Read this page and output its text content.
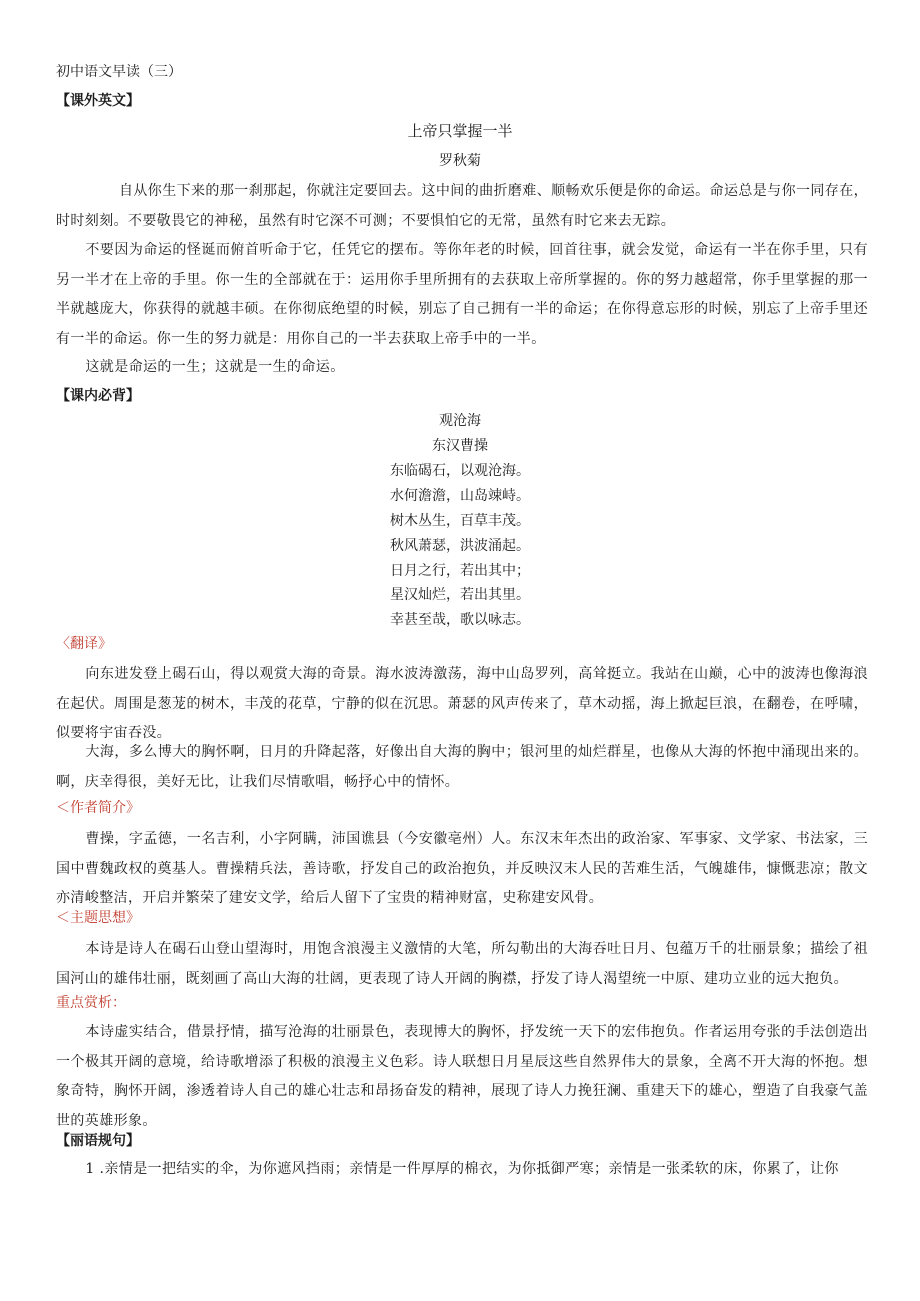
初中语文早读（三）
【课外英文】
上帝只掌握一半
罗秋菊
自从你生下来的那一刹那起，你就注定要回去。这中间的曲折磨难、顺畅欢乐便是你的命运。命运总是与你一同存在，时时刻刻。不要敬畏它的神秘，虽然有时它深不可测；不要惧怕它的无常，虽然有时它来去无踪。
不要因为命运的怪诞而俯首听命于它，任凭它的摆布。等你年老的时候，回首往事，就会发觉，命运有一半在你手里，只有另一半才在上帝的手里。你一生的全部就在于：运用你手里所拥有的去获取上帝所掌握的。你的努力越超常，你手里掌握的那一半就越庞大，你获得的就越丰硕。在你彻底绝望的时候，别忘了自己拥有一半的命运；在你得意忘形的时候，别忘了上帝手里还有一半的命运。你一生的努力就是：用你自己的一半去获取上帝手中的一半。
这就是命运的一生；这就是一生的命运。
【课内必背】
观沧海
东汉曹操
东临碣石，以观沧海。
水何澹澹，山岛竦峙。
树木丛生，百草丰茂。
秋风萧瑟，洪波涌起。
日月之行，若出其中；
星汉灿烂，若出其里。
幸甚至哉，歌以咏志。
〈翻译》
向东进发登上碣石山，得以观赏大海的奇景。海水波涛激荡，海中山岛罗列，高耸挺立。我站在山巅，心中的波涛也像海浪在起伏。周围是葱茏的树木，丰茂的花草，宁静的似在沉思。萧瑟的风声传来了，草木动摇，海上掀起巨浪，在翻卷，在呼啸，似要将宇宙吞没。
大海，多么博大的胸怀啊，日月的升降起落，好像出自大海的胸中；银河里的灿烂群星，也像从大海的怀抱中涌现出来的。啊，庆幸得很，美好无比，让我们尽情歌唱，畅抒心中的情怀。
＜作者简介》
曹操，字孟德，一名吉利，小字阿瞒，沛国谯县（今安徽亳州）人。东汉末年杰出的政治家、军事家、文学家、书法家，三国中曹魏政权的奠基人。曹操精兵法，善诗歌，抒发自己的政治抱负，并反映汉末人民的苦难生活，气魄雄伟，慷慨悲凉；散文亦清峻整洁，开启并繁荣了建安文学，给后人留下了宝贵的精神财富，史称建安风骨。
＜主题思想》
本诗是诗人在碣石山登山望海时，用饱含浪漫主义激情的大笔，所勾勒出的大海吞吐日月、包蕴万千的壮丽景象；描绘了祖国河山的雄伟壮丽，既刻画了高山大海的壮阔，更表现了诗人开阔的胸襟，抒发了诗人渴望统一中原、建功立业的远大抱负。
重点赏析：
本诗虚实结合，借景抒情，描写沧海的壮丽景色，表现博大的胸怀，抒发统一天下的宏伟抱负。作者运用夸张的手法创造出一个极其开阔的意境，给诗歌增添了积极的浪漫主义色彩。诗人联想日月星辰这些自然界伟大的景象，全离不开大海的怀抱。想象奇特，胸怀开阔，渗透着诗人自己的雄心壮志和昂扬奋发的精神，展现了诗人力挽狂澜、重建天下的雄心，塑造了自我豪气盖世的英雄形象。
【丽语规句】
1 .亲情是一把结实的伞，为你遮风挡雨；亲情是一件厚厚的棉衣，为你抵御严寒；亲情是一张柔软的床，你累了，让你
